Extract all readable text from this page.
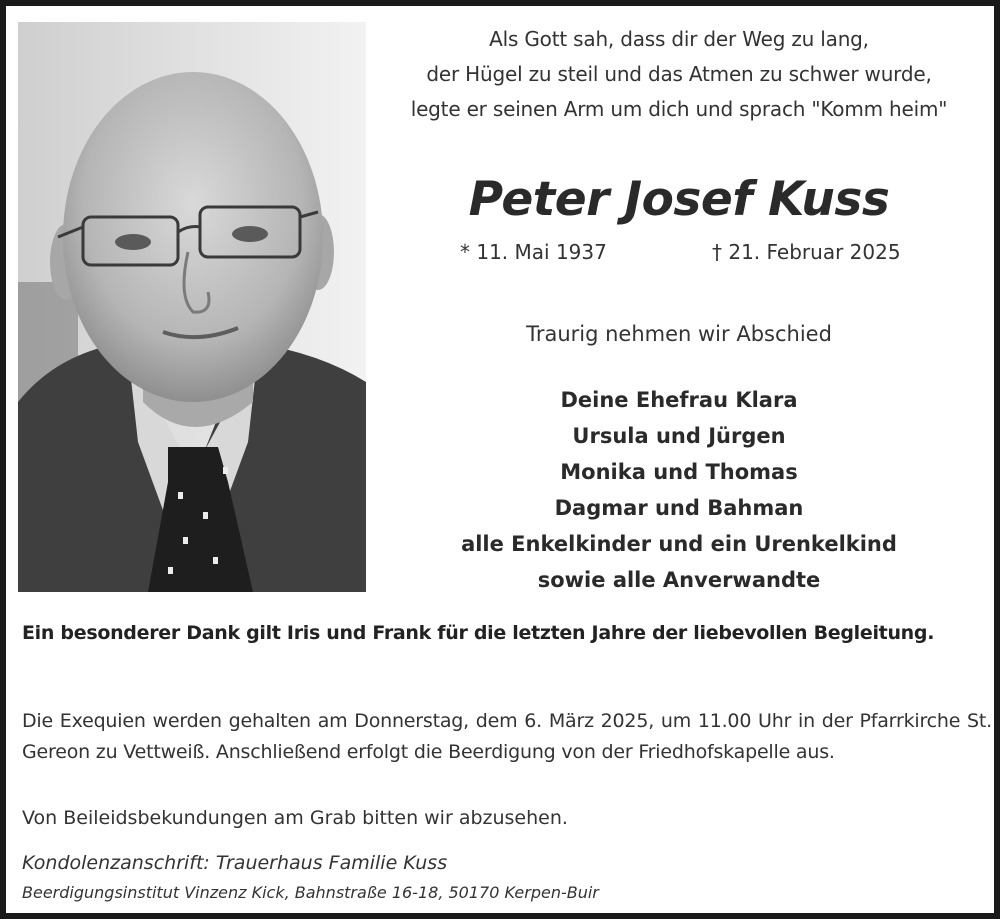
Als Gott sah, dass dir der Weg zu lang,
der Hügel zu steil und das Atmen zu schwer wurde,
legte er seinen Arm um dich und sprach "Komm heim"
Peter Josef Kuss
* 11. Mai 1937	† 21. Februar 2025
Traurig nehmen wir Abschied
Deine Ehefrau Klara
Ursula und Jürgen
Monika und Thomas
Dagmar und Bahman
alle Enkelkinder und ein Urenkelkind
sowie alle Anverwandte
Ein besonderer Dank gilt Iris und Frank für die letzten Jahre der liebevollen Begleitung.
Die Exequien werden gehalten am Donnerstag, dem 6. März 2025, um 11.00 Uhr in der Pfarrkirche St. Gereon zu Vettweiß. Anschließend erfolgt die Beerdigung von der Friedhofskapelle aus.
Von Beileidsbekundungen am Grab bitten wir abzusehen.
Kondolenzanschrift: Trauerhaus Familie Kuss
Beerdigungsinstitut Vinzenz Kick, Bahnstraße 16-18, 50170 Kerpen-Buir
